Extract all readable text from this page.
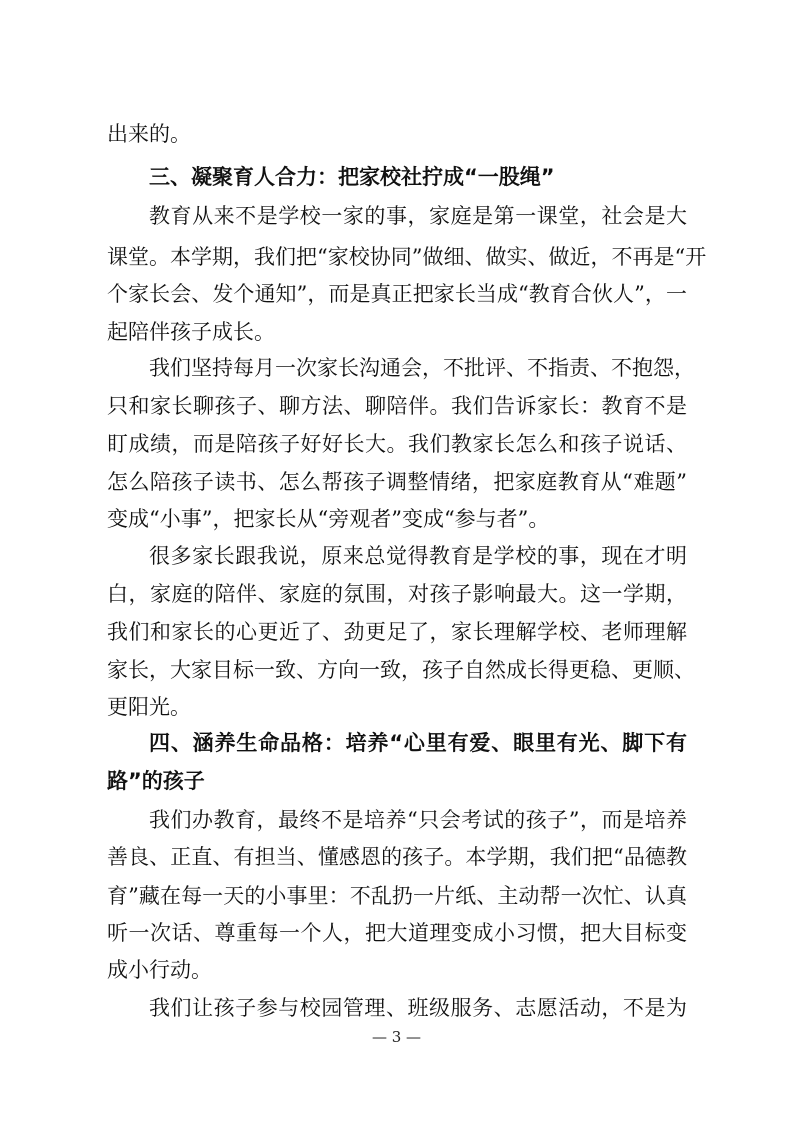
出来的。

三、凝聚育人合力：把家校社拧成“一股绳”

教育从来不是学校一家的事，家庭是第一课堂，社会是大

课堂。本学期，我们把“家校协同”做细、做实、做近，不再是“开

个家长会、发个通知”，而是真正把家长当成“教育合伙人”，一

起陪伴孩子成长。

我们坚持每月一次家长沟通会，不批评、不指责、不抱怨，

只和家长聊孩子、聊方法、聊陪伴。我们告诉家长：教育不是

盯成绩，而是陪孩子好好长大。我们教家长怎么和孩子说话、

怎么陪孩子读书、怎么帮孩子调整情绪，把家庭教育从“难题”

变成“小事”，把家长从“旁观者”变成“参与者”。

很多家长跟我说，原来总觉得教育是学校的事，现在才明

白，家庭的陪伴、家庭的氛围，对孩子影响最大。这一学期，

我们和家长的心更近了、劲更足了，家长理解学校、老师理解

家长，大家目标一致、方向一致，孩子自然成长得更稳、更顺、

更阳光。

四、涵养生命品格：培养“心里有爱、眼里有光、脚下有

路”的孩子

我们办教育，最终不是培养“只会考试的孩子”，而是培养

善良、正直、有担当、懂感恩的孩子。本学期，我们把“品德教

育”藏在每一天的小事里：不乱扔一片纸、主动帮一次忙、认真

听一次话、尊重每一个人，把大道理变成小习惯，把大目标变

成小行动。

我们让孩子参与校园管理、班级服务、志愿活动，不是为

— 3 —
